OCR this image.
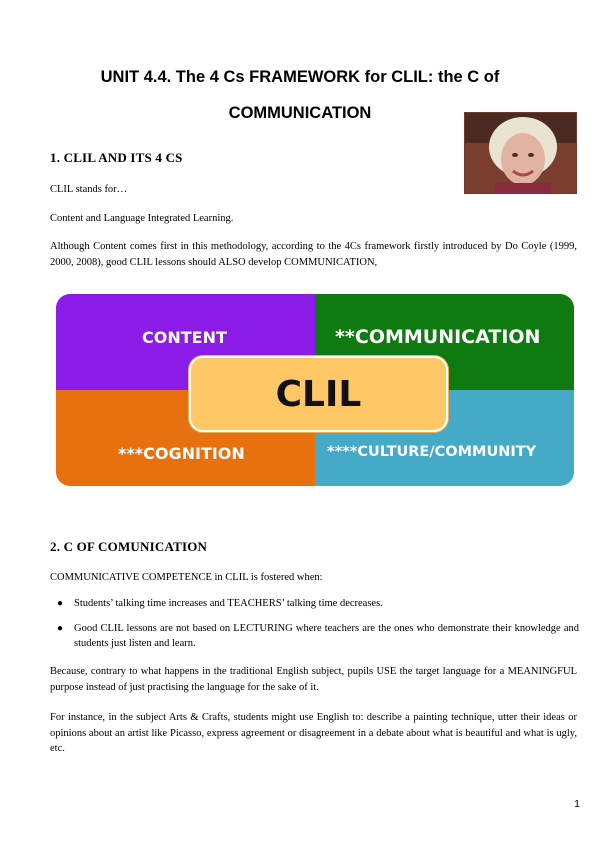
UNIT 4.4. The 4 Cs FRAMEWORK for CLIL: the C of
COMMUNICATION
1. CLIL AND ITS 4 CS
CLIL stands for…
Content and Language Integrated Learning.
Although Content comes first in this methodology, according to the 4Cs framework firstly introduced by Do Coyle (1999, 2000, 2008), good CLIL lessons should ALSO develop COMMUNICATION,
CONTENT	**COMMUNICATION
***COGNITION	****CULTURE/COMMUNITY
CLIL
2. C OF COMUNICATION
COMMUNICATIVE COMPETENCE in CLIL is fostered when:
● Students’ talking time increases and TEACHERS’ talking time decreases.
● Good CLIL lessons are not based on LECTURING where teachers are the ones who demonstrate their knowledge and students just listen and learn.
Because, contrary to what happens in the traditional English subject, pupils USE the target language for a MEANINGFUL purpose instead of just practising the language for the sake of it.
For instance, in the subject Arts & Crafts, students might use English to: describe a painting technique, utter their ideas or opinions about an artist like Picasso, express agreement or disagreement in a debate about what is beautiful and what is ugly, etc.
1
